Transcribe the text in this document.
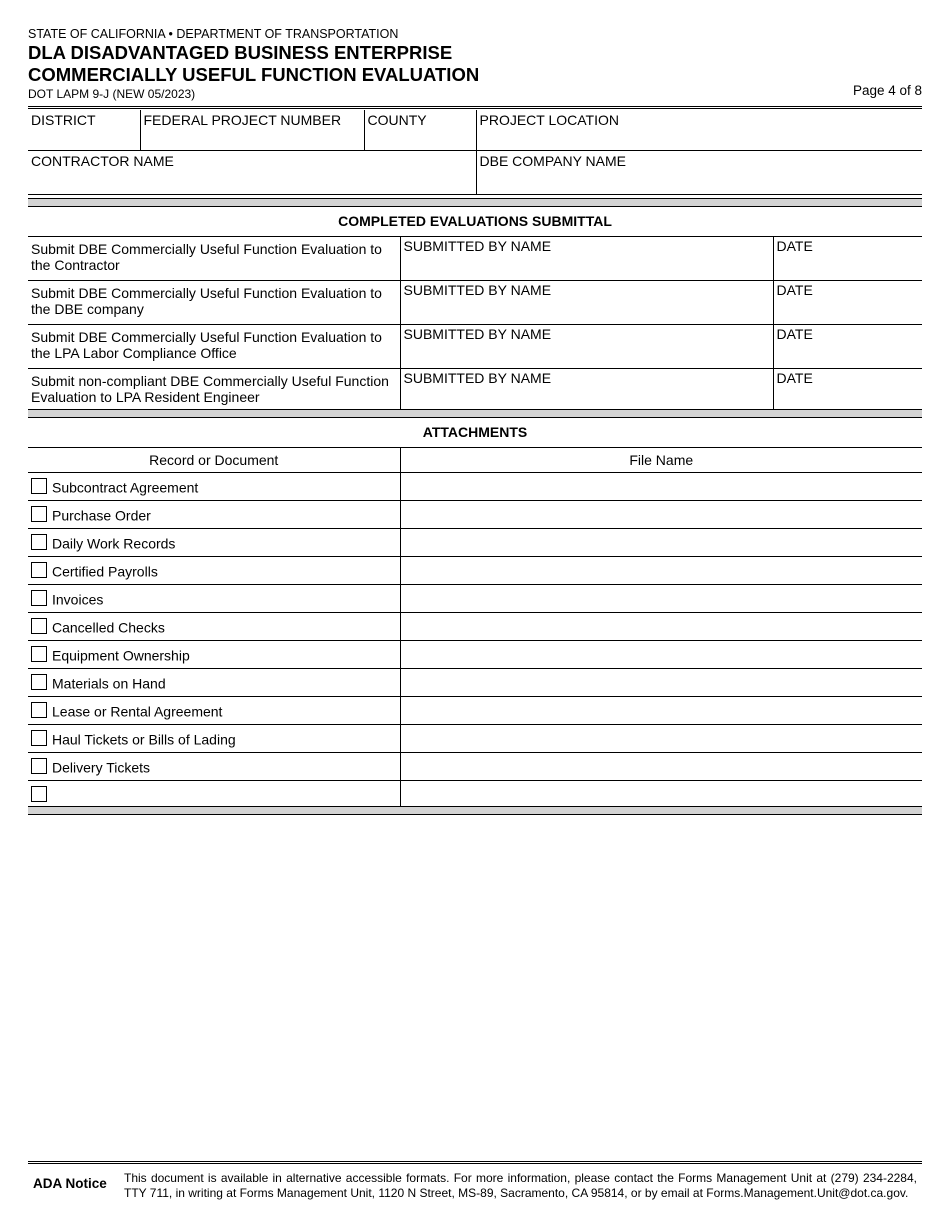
STATE OF CALIFORNIA • DEPARTMENT OF TRANSPORTATION
DLA DISADVANTAGED BUSINESS ENTERPRISE
COMMERCIALLY USEFUL FUNCTION EVALUATION
DOT LAPM 9-J (NEW 05/2023)	Page 4 of 8
DISTRICT	FEDERAL PROJECT NUMBER	COUNTY	PROJECT LOCATION
CONTRACTOR NAME			DBE COMPANY NAME
COMPLETED EVALUATIONS SUBMITTAL
Submit DBE Commercially Useful Function Evaluation to the Contractor	SUBMITTED BY NAME	DATE
Submit DBE Commercially Useful Function Evaluation to the DBE company	SUBMITTED BY NAME	DATE
Submit DBE Commercially Useful Function Evaluation to the LPA Labor Compliance Office	SUBMITTED BY NAME	DATE
Submit non-compliant DBE Commercially Useful Function Evaluation to LPA Resident Engineer	SUBMITTED BY NAME	DATE
ATTACHMENTS
Record or Document	File Name
Subcontract Agreement	
Purchase Order	
Daily Work Records	
Certified Payrolls	
Invoices	
Cancelled Checks	
Equipment Ownership	
Materials on Hand	
Lease or Rental Agreement	
Haul Tickets or Bills of Lading	
Delivery Tickets	

ADA Notice This document is available in alternative accessible formats. For more information, please contact the Forms Management Unit at (279) 234-2284, TTY 711, in writing at Forms Management Unit, 1120 N Street, MS-89, Sacramento, CA 95814, or by email at Forms.Management.Unit@dot.ca.gov.
